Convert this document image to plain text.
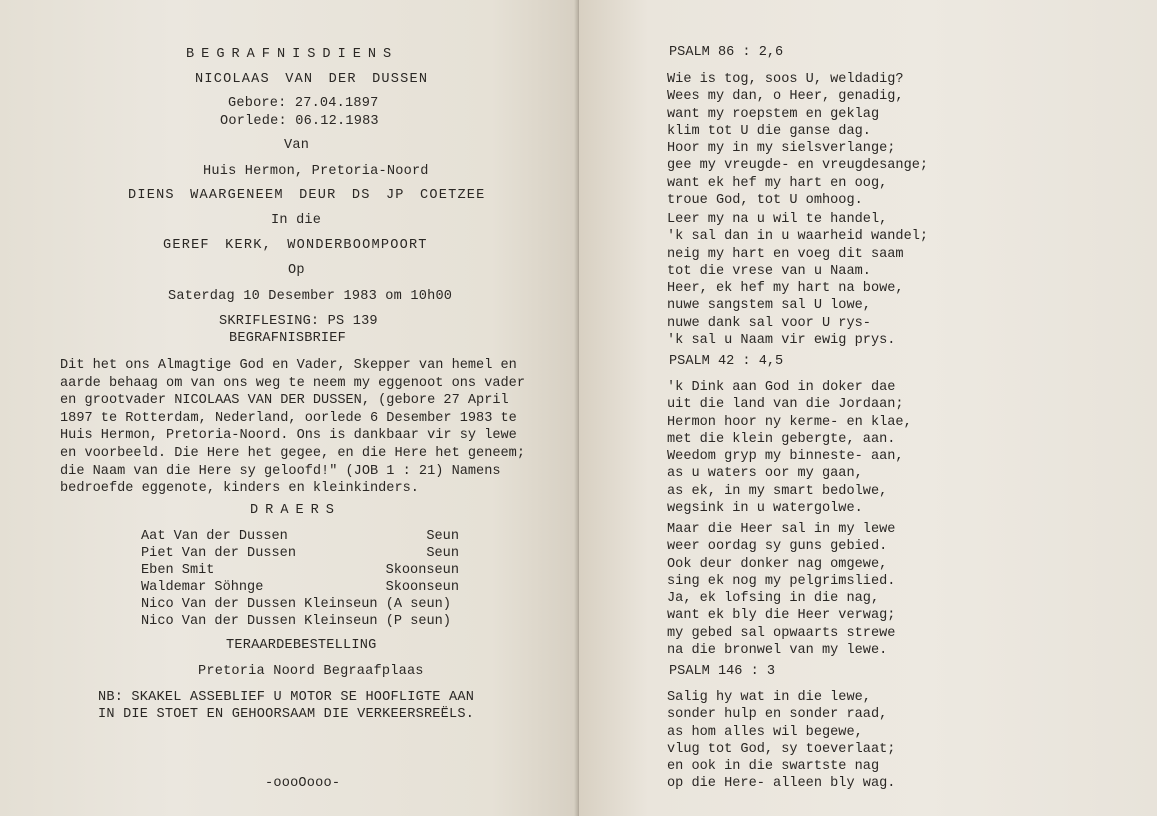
BEGRAFNISDIENS
NICOLAAS VAN DER DUSSEN
Gebore: 27.04.1897
Oorlede: 06.12.1983
Van
Huis Hermon, Pretoria-Noord
DIENS WAARGENEEM DEUR DS JP COETZEE
In die
GEREF KERK, WONDERBOOMPOORT
Op
Saterdag 10 Desember 1983 om 10h00
SKRIFLESING: PS 139
BEGRAFNISBRIEF
Dit het ons Almagtige God en Vader, Skepper van hemel en
aarde behaag om van ons weg te neem my eggenoot ons vader
en grootvader NICOLAAS VAN DER DUSSEN, (gebore 27 April
1897 te Rotterdam, Nederland, oorlede 6 Desember 1983 te
Huis Hermon, Pretoria-Noord. Ons is dankbaar vir sy lewe
en voorbeeld. Die Here het gegee, en die Here het geneem;
die Naam van die Here sy geloofd!" (JOB 1 : 21) Namens
bedroefde eggenote, kinders en kleinkinders.
DRAERS
Aat Van der Dussen	Seun
Piet Van der Dussen	Seun
Eben Smit	Skoonseun
Waldemar Söhnge	Skoonseun
Nico Van der Dussen Kleinseun (A seun)
Nico Van der Dussen Kleinseun (P seun)
TERAARDEBESTELLING
Pretoria Noord Begraafplaas
NB: SKAKEL ASSEBLIEF U MOTOR SE HOOFLIGTE AAN
IN DIE STOET EN GEHOORSAAM DIE VERKEERSREËLS.
-oooOooo-
PSALM 86 : 2,6
Wie is tog, soos U, weldadig?
Wees my dan, o Heer, genadig,
want my roepstem en geklag
klim tot U die ganse dag.
Hoor my in my sielsverlange;
gee my vreugde- en vreugdesange;
want ek hef my hart en oog,
troue God, tot U omhoog.
Leer my na u wil te handel,
'k sal dan in u waarheid wandel;
neig my hart en voeg dit saam
tot die vrese van u Naam.
Heer, ek hef my hart na bowe,
nuwe sangstem sal U lowe,
nuwe dank sal voor U rys-
'k sal u Naam vir ewig prys.
PSALM 42 : 4,5
'k Dink aan God in doker dae
uit die land van die Jordaan;
Hermon hoor ny kerme- en klae,
met die klein gebergte, aan.
Weedom gryp my binneste- aan,
as u waters oor my gaan,
as ek, in my smart bedolwe,
wegsink in u watergolwe.
Maar die Heer sal in my lewe
weer oordag sy guns gebied.
Ook deur donker nag omgewe,
sing ek nog my pelgrimslied.
Ja, ek lofsing in die nag,
want ek bly die Heer verwag;
my gebed sal opwaarts strewe
na die bronwel van my lewe.
PSALM 146 : 3
Salig hy wat in die lewe,
sonder hulp en sonder raad,
as hom alles wil begewe,
vlug tot God, sy toeverlaat;
en ook in die swartste nag
op die Here- alleen bly wag.
